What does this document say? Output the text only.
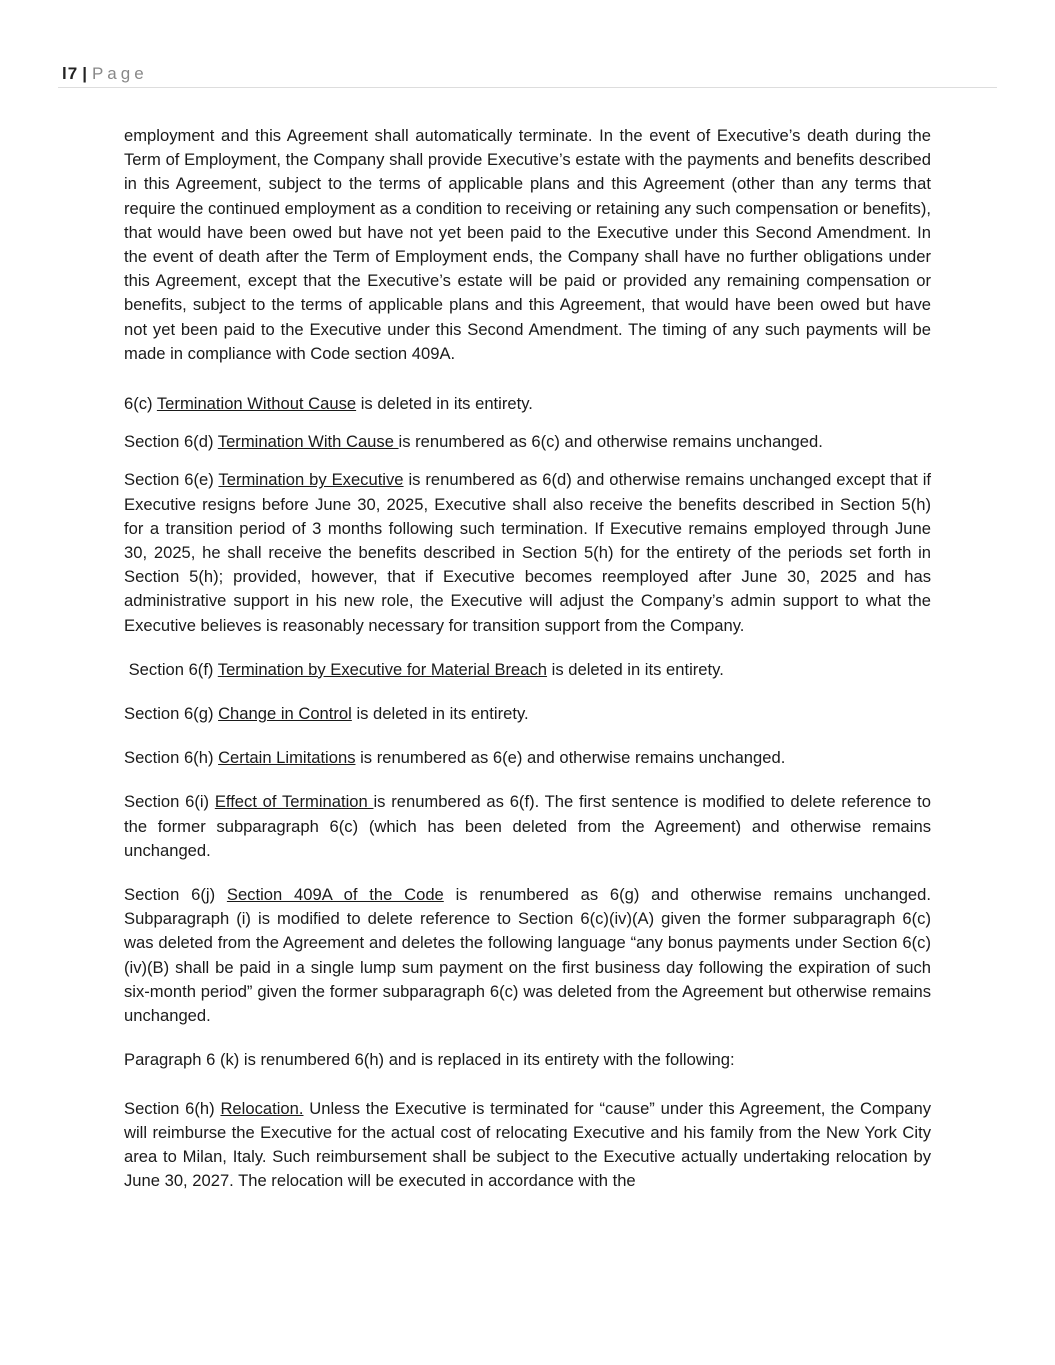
l7 | Page

employment and this Agreement shall automatically terminate. In the event of Executive’s death during the Term of Employment, the Company shall provide Executive’s estate with the payments and benefits described in this Agreement, subject to the terms of applicable plans and this Agreement (other than any terms that require the continued employment as a condition to receiving or retaining any such compensation or benefits), that would have been owed but have not yet been paid to the Executive under this Second Amendment. In the event of death after the Term of Employment ends, the Company shall have no further obligations under this Agreement, except that the Executive’s estate will be paid or provided any remaining compensation or benefits, subject to the terms of applicable plans and this Agreement, that would have been owed but have not yet been paid to the Executive under this Second Amendment. The timing of any such payments will be made in compliance with Code section 409A.

6(c) Termination Without Cause is deleted in its entirety.

Section 6(d) Termination With Cause is renumbered as 6(c) and otherwise remains unchanged.

Section 6(e) Termination by Executive is renumbered as 6(d) and otherwise remains unchanged except that if Executive resigns before June 30, 2025, Executive shall also receive the benefits described in Section 5(h) for a transition period of 3 months following such termination. If Executive remains employed through June 30, 2025, he shall receive the benefits described in Section 5(h) for the entirety of the periods set forth in Section 5(h); provided, however, that if Executive becomes reemployed after June 30, 2025 and has administrative support in his new role, the Executive will adjust the Company’s admin support to what the Executive believes is reasonably necessary for transition support from the Company.

Section 6(f) Termination by Executive for Material Breach is deleted in its entirety.

Section 6(g) Change in Control is deleted in its entirety.

Section 6(h) Certain Limitations is renumbered as 6(e) and otherwise remains unchanged.

Section 6(i) Effect of Termination is renumbered as 6(f). The first sentence is modified to delete reference to the former subparagraph 6(c) (which has been deleted from the Agreement) and otherwise remains unchanged.

Section 6(j) Section 409A of the Code is renumbered as 6(g) and otherwise remains unchanged. Subparagraph (i) is modified to delete reference to Section 6(c)(iv)(A) given the former subparagraph 6(c) was deleted from the Agreement and deletes the following language “any bonus payments under Section 6(c) (iv)(B) shall be paid in a single lump sum payment on the first business day following the expiration of such six-month period” given the former subparagraph 6(c) was deleted from the Agreement but otherwise remains unchanged.

Paragraph 6 (k) is renumbered 6(h) and is replaced in its entirety with the following:

Section 6(h) Relocation. Unless the Executive is terminated for “cause” under this Agreement, the Company will reimburse the Executive for the actual cost of relocating Executive and his family from the New York City area to Milan, Italy. Such reimbursement shall be subject to the Executive actually undertaking relocation by June 30, 2027. The relocation will be executed in accordance with the
